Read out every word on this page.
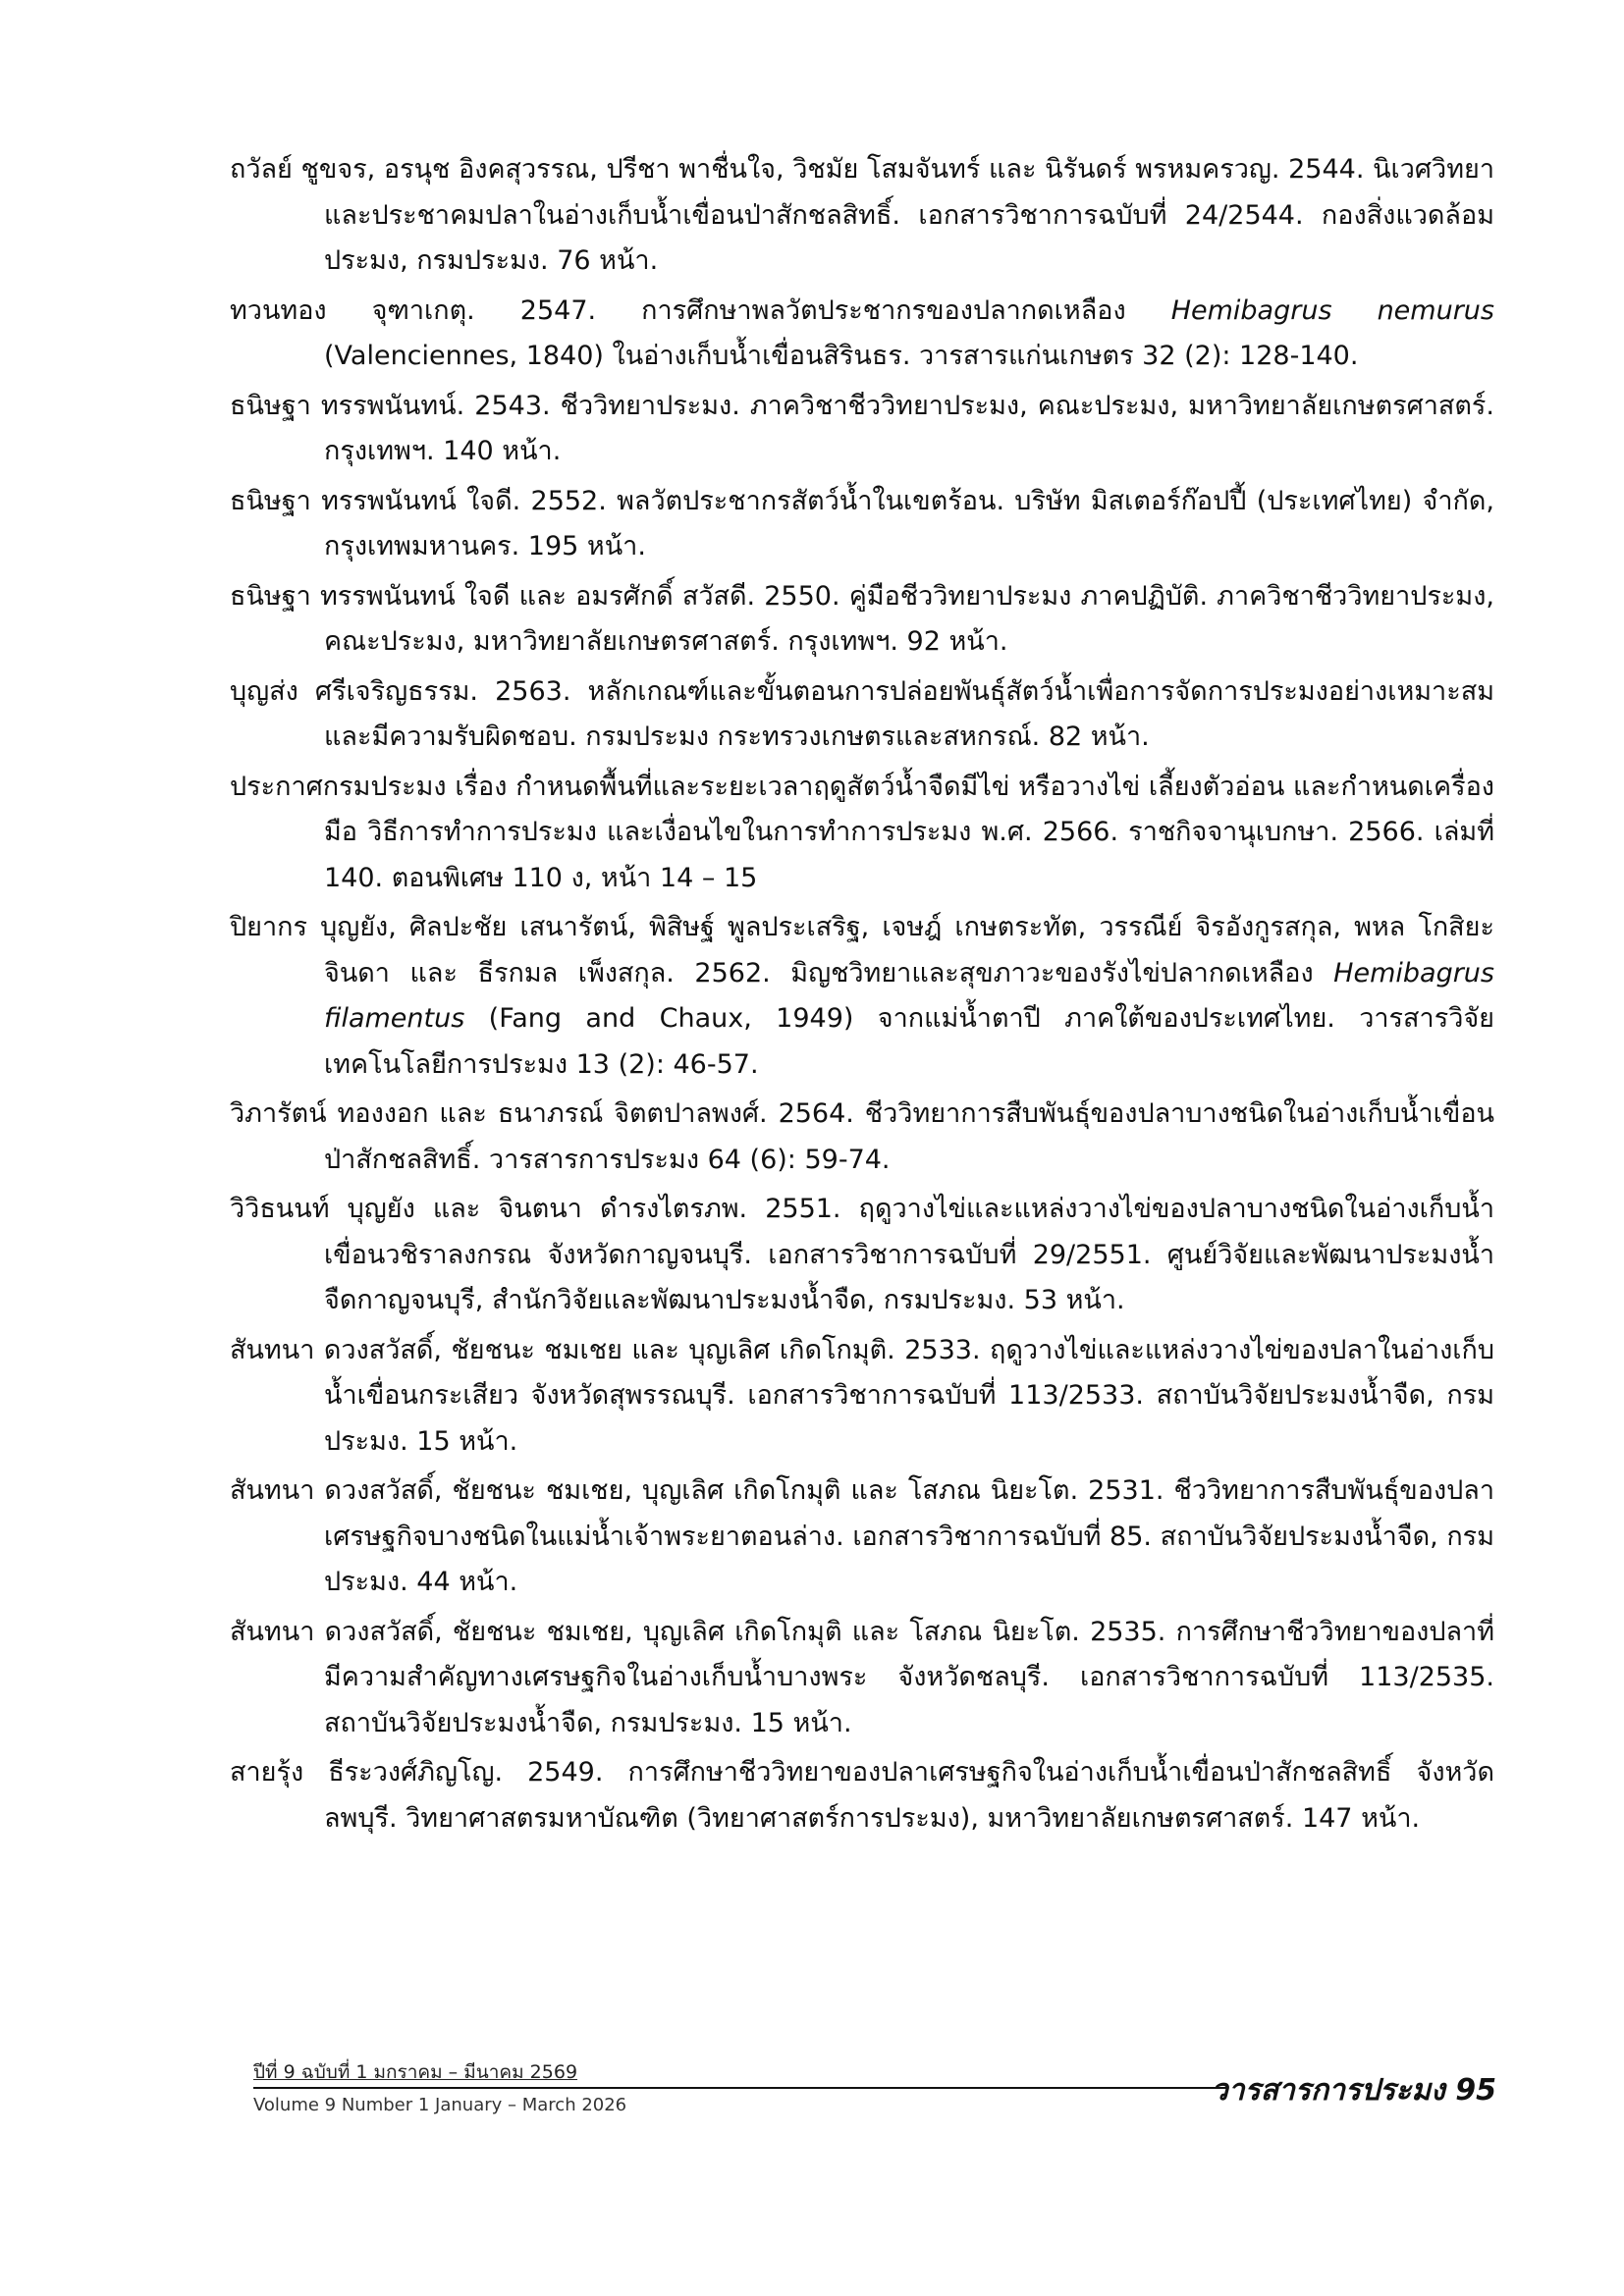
ถวัลย์ ชูขจร, อรนุช อิงคสุวรรณ, ปรีชา พาชื่นใจ, วิชมัย โสมจันทร์ และ นิรันดร์ พรหมครวญ. 2544. นิเวศวิทยาและประชาคมปลาในอ่างเก็บน้ำเขื่อนป่าสักชลสิทธิ์. เอกสารวิชาการฉบับที่ 24/2544. กองสิ่งแวดล้อมประมง, กรมประมง. 76 หน้า.

ทวนทอง จุฑาเกตุ. 2547. การศึกษาพลวัตประชากรของปลากดเหลือง Hemibagrus nemurus (Valenciennes, 1840) ในอ่างเก็บน้ำเขื่อนสิรินธร. วารสารแก่นเกษตร 32 (2): 128-140.

ธนิษฐา ทรรพนันทน์. 2543. ชีววิทยาประมง. ภาควิชาชีววิทยาประมง, คณะประมง, มหาวิทยาลัยเกษตรศาสตร์. กรุงเทพฯ. 140 หน้า.

ธนิษฐา ทรรพนันทน์ ใจดี. 2552. พลวัตประชากรสัตว์น้ำในเขตร้อน. บริษัท มิสเตอร์ก๊อปปี้ (ประเทศไทย) จำกัด, กรุงเทพมหานคร. 195 หน้า.

ธนิษฐา ทรรพนันทน์ ใจดี และ อมรศักดิ์ สวัสดี. 2550. คู่มือชีววิทยาประมง ภาคปฏิบัติ. ภาควิชาชีววิทยาประมง, คณะประมง, มหาวิทยาลัยเกษตรศาสตร์. กรุงเทพฯ. 92 หน้า.

บุญส่ง ศรีเจริญธรรม. 2563. หลักเกณฑ์และขั้นตอนการปล่อยพันธุ์สัตว์น้ำเพื่อการจัดการประมงอย่างเหมาะสมและมีความรับผิดชอบ. กรมประมง กระทรวงเกษตรและสหกรณ์. 82 หน้า.

ประกาศกรมประมง เรื่อง กำหนดพื้นที่และระยะเวลาฤดูสัตว์น้ำจืดมีไข่ หรือวางไข่ เลี้ยงตัวอ่อน และกำหนดเครื่องมือ วิธีการทำการประมง และเงื่อนไขในการทำการประมง พ.ศ. 2566. ราชกิจจานุเบกษา. 2566. เล่มที่ 140. ตอนพิเศษ 110 ง, หน้า 14 – 15

ปิยากร บุญยัง, ศิลปะชัย เสนารัตน์, พิสิษฐ์ พูลประเสริฐ, เจษฎ์ เกษตระทัต, วรรณีย์ จิรอังกูรสกุล, พหล โกสิยะจินดา และ ธีรกมล เพ็งสกุล. 2562. มิญชวิทยาและสุขภาวะของรังไข่ปลากดเหลือง Hemibagrus filamentus (Fang and Chaux, 1949) จากแม่น้ำตาปี ภาคใต้ของประเทศไทย. วารสารวิจัยเทคโนโลยีการประมง 13 (2): 46-57.

วิภารัตน์ ทองงอก และ ธนาภรณ์ จิตตปาลพงศ์. 2564. ชีววิทยาการสืบพันธุ์ของปลาบางชนิดในอ่างเก็บน้ำเขื่อนป่าสักชลสิทธิ์. วารสารการประมง 64 (6): 59-74.

วิวิธนนท์ บุญยัง และ จินตนา ดำรงไตรภพ. 2551. ฤดูวางไข่และแหล่งวางไข่ของปลาบางชนิดในอ่างเก็บน้ำเขื่อนวชิราลงกรณ จังหวัดกาญจนบุรี. เอกสารวิชาการฉบับที่ 29/2551. ศูนย์วิจัยและพัฒนาประมงน้ำจืดกาญจนบุรี, สำนักวิจัยและพัฒนาประมงน้ำจืด, กรมประมง. 53 หน้า.

สันทนา ดวงสวัสดิ์, ชัยชนะ ชมเชย และ บุญเลิศ เกิดโกมุติ. 2533. ฤดูวางไข่และแหล่งวางไข่ของปลาในอ่างเก็บน้ำเขื่อนกระเสียว จังหวัดสุพรรณบุรี. เอกสารวิชาการฉบับที่ 113/2533. สถาบันวิจัยประมงน้ำจืด, กรมประมง. 15 หน้า.

สันทนา ดวงสวัสดิ์, ชัยชนะ ชมเชย, บุญเลิศ เกิดโกมุติ และ โสภณ นิยะโต. 2531. ชีววิทยาการสืบพันธุ์ของปลาเศรษฐกิจบางชนิดในแม่น้ำเจ้าพระยาตอนล่าง. เอกสารวิชาการฉบับที่ 85. สถาบันวิจัยประมงน้ำจืด, กรมประมง. 44 หน้า.

สันทนา ดวงสวัสดิ์, ชัยชนะ ชมเชย, บุญเลิศ เกิดโกมุติ และ โสภณ นิยะโต. 2535. การศึกษาชีววิทยาของปลาที่มีความสำคัญทางเศรษฐกิจในอ่างเก็บน้ำบางพระ จังหวัดชลบุรี. เอกสารวิชาการฉบับที่ 113/2535. สถาบันวิจัยประมงน้ำจืด, กรมประมง. 15 หน้า.

สายรุ้ง ธีระวงศ์ภิญโญ. 2549. การศึกษาชีววิทยาของปลาเศรษฐกิจในอ่างเก็บน้ำเขื่อนป่าสักชลสิทธิ์ จังหวัดลพบุรี. วิทยาศาสตรมหาบัณฑิต (วิทยาศาสตร์การประมง), มหาวิทยาลัยเกษตรศาสตร์. 147 หน้า.

ปีที่ 9 ฉบับที่ 1 มกราคม – มีนาคม 2569
Volume 9 Number 1 January – March 2026	วารสารการประมง 95
